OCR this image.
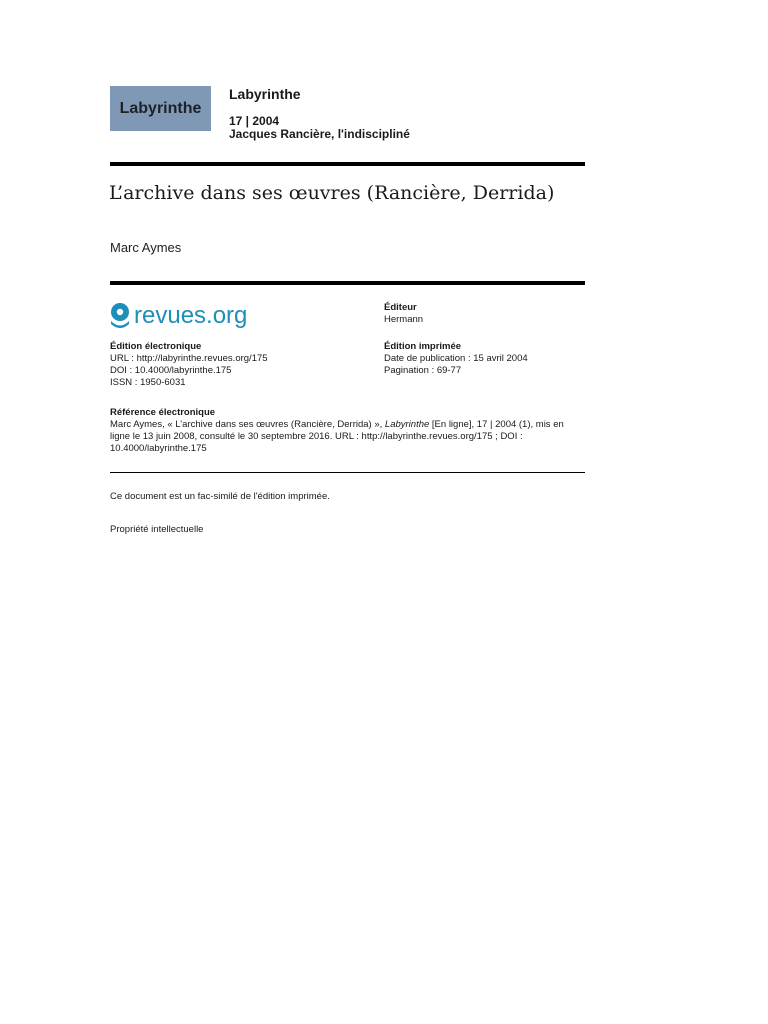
Labyrinthe
Labyrinthe
17 | 2004
Jacques Rancière, l'indiscipliné
L’archive dans ses œuvres (Rancière, Derrida)
Marc Aymes
revues.org	Éditeur
Hermann
Édition électronique
URL : http://labyrinthe.revues.org/175
DOI : 10.4000/labyrinthe.175
ISSN : 1950-6031
Édition imprimée
Date de publication : 15 avril 2004
Pagination : 69-77
Référence électronique
Marc Aymes, « L’archive dans ses œuvres (Rancière, Derrida) », Labyrinthe [En ligne], 17 | 2004 (1), mis en ligne le 13 juin 2008, consulté le 30 septembre 2016. URL : http://labyrinthe.revues.org/175 ; DOI : 10.4000/labyrinthe.175
Ce document est un fac-similé de l'édition imprimée.
Propriété intellectuelle
